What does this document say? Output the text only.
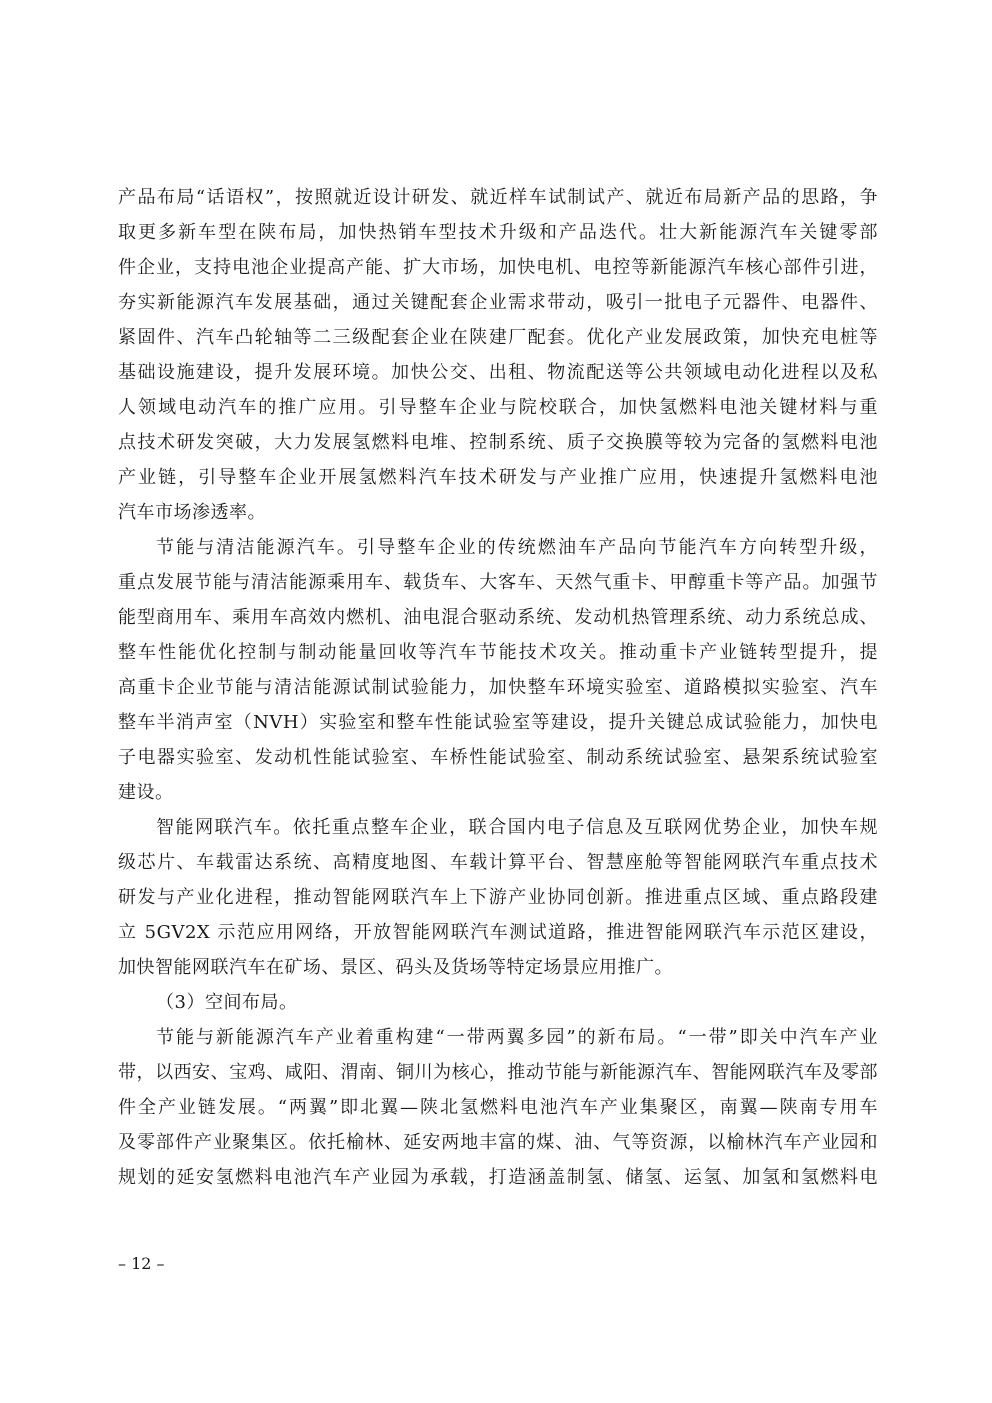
产品布局“话语权”，按照就近设计研发、就近样车试制试产、就近布局新产品的思路，争
取更多新车型在陕布局，加快热销车型技术升级和产品迭代。壮大新能源汽车关键零部
件企业，支持电池企业提高产能、扩大市场，加快电机、电控等新能源汽车核心部件引进，
夯实新能源汽车发展基础，通过关键配套企业需求带动，吸引一批电子元器件、电器件、
紧固件、汽车凸轮轴等二三级配套企业在陕建厂配套。优化产业发展政策，加快充电桩等
基础设施建设，提升发展环境。加快公交、出租、物流配送等公共领域电动化进程以及私
人领域电动汽车的推广应用。引导整车企业与院校联合，加快氢燃料电池关键材料与重
点技术研发突破，大力发展氢燃料电堆、控制系统、质子交换膜等较为完备的氢燃料电池
产业链，引导整车企业开展氢燃料汽车技术研发与产业推广应用，快速提升氢燃料电池
汽车市场渗透率。
节能与清洁能源汽车。引导整车企业的传统燃油车产品向节能汽车方向转型升级，
重点发展节能与清洁能源乘用车、载货车、大客车、天然气重卡、甲醇重卡等产品。加强节
能型商用车、乘用车高效内燃机、油电混合驱动系统、发动机热管理系统、动力系统总成、
整车性能优化控制与制动能量回收等汽车节能技术攻关。推动重卡产业链转型提升，提
高重卡企业节能与清洁能源试制试验能力，加快整车环境实验室、道路模拟实验室、汽车
整车半消声室（NVH）实验室和整车性能试验室等建设，提升关键总成试验能力，加快电
子电器实验室、发动机性能试验室、车桥性能试验室、制动系统试验室、悬架系统试验室
建设。
智能网联汽车。依托重点整车企业，联合国内电子信息及互联网优势企业，加快车规
级芯片、车载雷达系统、高精度地图、车载计算平台、智慧座舱等智能网联汽车重点技术
研发与产业化进程，推动智能网联汽车上下游产业协同创新。推进重点区域、重点路段建
立 5GV2X 示范应用网络，开放智能网联汽车测试道路，推进智能网联汽车示范区建设，
加快智能网联汽车在矿场、景区、码头及货场等特定场景应用推广。
（3）空间布局。
节能与新能源汽车产业着重构建“一带两翼多园”的新布局。“一带”即关中汽车产业
带，以西安、宝鸡、咸阳、渭南、铜川为核心，推动节能与新能源汽车、智能网联汽车及零部
件全产业链发展。“两翼”即北翼—陕北氢燃料电池汽车产业集聚区，南翼—陕南专用车
及零部件产业聚集区。依托榆林、延安两地丰富的煤、油、气等资源，以榆林汽车产业园和
规划的延安氢燃料电池汽车产业园为承载，打造涵盖制氢、储氢、运氢、加氢和氢燃料电
– 12 –
